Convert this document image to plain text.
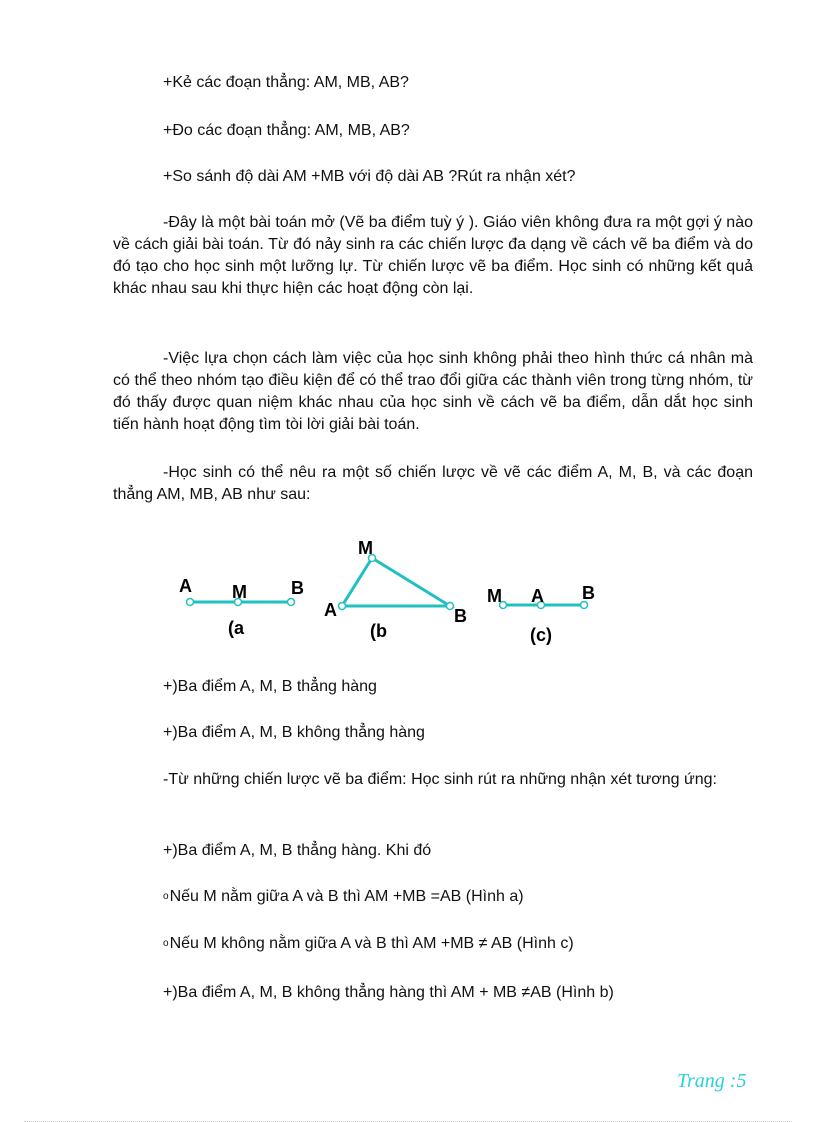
+Kẻ các đoạn thẳng: AM, MB, AB?

+Đo các đoạn thẳng: AM, MB, AB?

+So sánh độ dài AM +MB với độ dài AB ?Rút ra nhận xét?

-Đây là một bài toán mở (Vẽ ba điểm tuỳ ý ). Giáo viên không đưa ra một gợi ý nào về cách giải bài toán. Từ đó nảy sinh ra các chiến lược đa dạng về cách vẽ ba điểm và do đó tạo cho học sinh một lưỡng lự. Từ chiến lược vẽ ba điểm. Học sinh có những kết quả khác nhau sau khi thực hiện các hoạt động còn lại.

-Việc lựa chọn cách làm việc của học sinh không phải theo hình thức cá nhân mà có thể theo nhóm tạo điều kiện để có thể trao đổi giữa các thành viên trong từng nhóm, từ đó thấy được quan niệm khác nhau của học sinh về cách vẽ ba điểm, dẫn dắt học sinh tiến hành hoạt động tìm tòi lời giải bài toán.

-Học sinh có thể nêu ra một số chiến lược về vẽ các điểm A, M, B, và các đoạn thẳng AM, MB, AB như sau:

A M B
(a
M
A	B
(b
M A B
(c)

+)Ba điểm A, M, B thẳng hàng

+)Ba điểm A, M, B không thẳng hàng

-Từ những chiến lược vẽ ba điểm: Học sinh rút ra những nhận xét tương ứng:

+)Ba điểm A, M, B thẳng hàng. Khi đó

oNếu M nằm giữa A và B thì AM +MB =AB (Hình a)

oNếu M không nằm giữa A và B thì AM +MB ≠ AB (Hình c)

+)Ba điểm A, M, B không thẳng hàng thì AM + MB ≠AB (Hình b)

Trang :5
